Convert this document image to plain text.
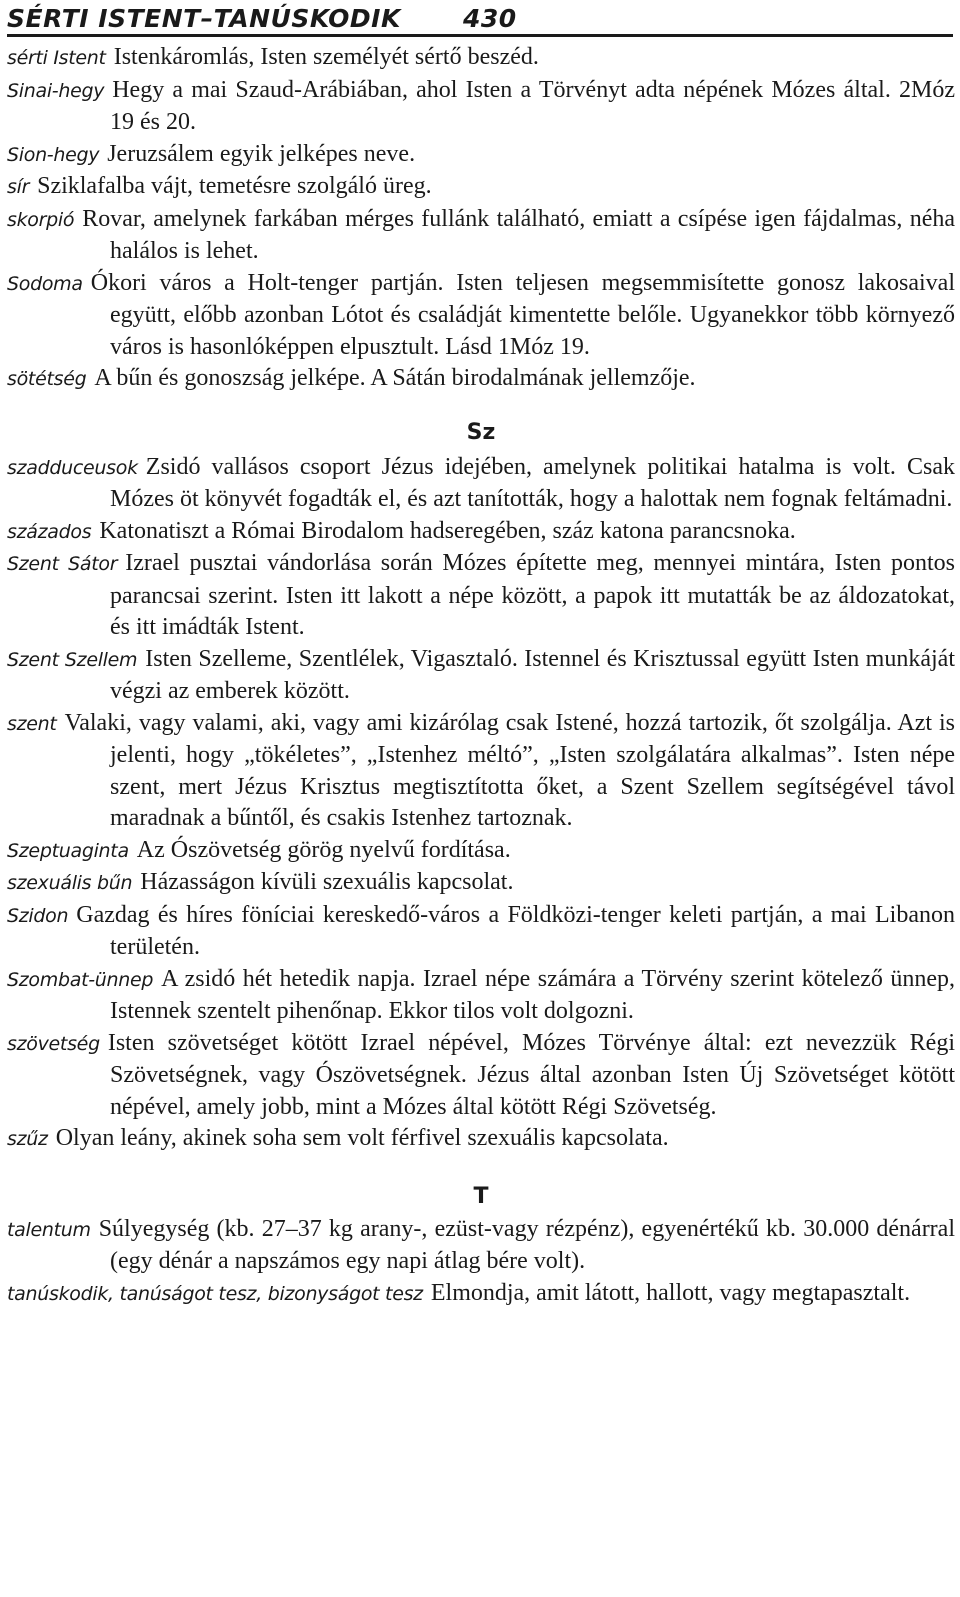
SÉRTI ISTENT–TANÚSKODIK 430

sérti Istent Istenkáromlás, Isten személyét sértő beszéd.

Sinai-hegy Hegy a mai Szaud-Arábiában, ahol Isten a Törvényt adta népének Mózes által. 2Móz 19 és 20.

Sion-hegy Jeruzsálem egyik jelképes neve.

sír Sziklafalba vájt, temetésre szolgáló üreg.

skorpió Rovar, amelynek farkában mérges fullánk található, emiatt a csípése igen fájdalmas, néha halálos is lehet.

Sodoma Ókori város a Holt-tenger partján. Isten teljesen megsemmisítette gonosz lakosaival együtt, előbb azonban Lótot és családját kimentette belőle. Ugyanekkor több környező város is hasonlóképpen elpusztult. Lásd 1Móz 19.

sötétség A bűn és gonoszság jelképe. A Sátán birodalmának jellemzője.

Sz

szadduceusok Zsidó vallásos csoport Jézus idejében, amelynek politikai hatalma is volt. Csak Mózes öt könyvét fogadták el, és azt tanították, hogy a halottak nem fognak feltámadni.

százados Katonatiszt a Római Birodalom hadseregében, száz katona parancsnoka.

Szent Sátor Izrael pusztai vándorlása során Mózes építette meg, mennyei mintára, Isten pontos parancsai szerint. Isten itt lakott a népe között, a papok itt mutatták be az áldozatokat, és itt imádták Istent.

Szent Szellem Isten Szelleme, Szentlélek, Vigasztaló. Istennel és Krisztussal együtt Isten munkáját végzi az emberek között.

szent Valaki, vagy valami, aki, vagy ami kizárólag csak Istené, hozzá tartozik, őt szolgálja. Azt is jelenti, hogy „tökéletes”, „Istenhez méltó”, „Isten szolgálatára alkalmas”. Isten népe szent, mert Jézus Krisztus megtisztította őket, a Szent Szellem segítségével távol maradnak a bűntől, és csakis Istenhez tartoznak.

Szeptuaginta Az Ószövetség görög nyelvű fordítása.

szexuális bűn Házasságon kívüli szexuális kapcsolat.

Szidon Gazdag és híres föníciai kereskedő-város a Földközi-tenger keleti partján, a mai Libanon területén.

Szombat-ünnep A zsidó hét hetedik napja. Izrael népe számára a Törvény szerint kötelező ünnep, Istennek szentelt pihenőnap. Ekkor tilos volt dolgozni.

szövetség Isten szövetséget kötött Izrael népével, Mózes Törvénye által: ezt nevezzük Régi Szövetségnek, vagy Ószövetségnek. Jézus által azonban Isten Új Szövetséget kötött népével, amely jobb, mint a Mózes által kötött Régi Szövetség.

szűz Olyan leány, akinek soha sem volt férfivel szexuális kapcsolata.

T

talentum Súlyegység (kb. 27–37 kg arany-, ezüst-vagy rézpénz), egyenértékű kb. 30.000 dénárral (egy dénár a napszámos egy napi átlag bére volt).

tanúskodik, tanúságot tesz, bizonyságot tesz Elmondja, amit látott, hallott, vagy megtapasztalt.
